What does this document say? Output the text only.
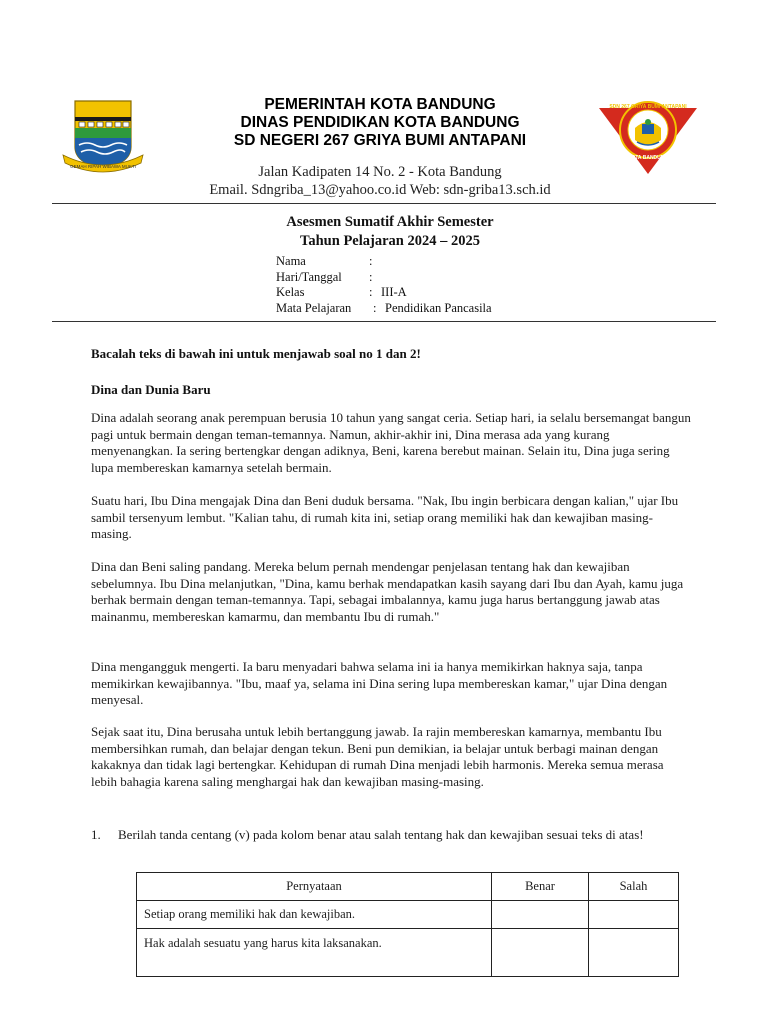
GEMAH RIPAH WIBAWA MUKTI
SDN 267 GRIYA BUMI ANTAPANI
KOTA BANDUNG
PEMERINTAH KOTA BANDUNG
DINAS PENDIDIKAN KOTA BANDUNG
SD NEGERI 267 GRIYA BUMI ANTAPANI
Jalan Kadipaten 14 No. 2 - Kota Bandung
Email. Sdngriba_13@yahoo.co.id Web: sdn-griba13.sch.id
Asesmen Sumatif Akhir Semester
Tahun Pelajaran 2024 – 2025
Nama	:
Hari/Tanggal :
Kelas	: III-A
Mata Pelajaran : Pendidikan Pancasila
Bacalah teks di bawah ini untuk menjawab soal no 1 dan 2!
Dina dan Dunia Baru
Dina adalah seorang anak perempuan berusia 10 tahun yang sangat ceria. Setiap hari, ia selalu bersemangat bangun pagi untuk bermain dengan teman-temannya. Namun, akhir-akhir ini, Dina merasa ada yang kurang menyenangkan. Ia sering bertengkar dengan adiknya, Beni, karena berebut mainan. Selain itu, Dina juga sering lupa membereskan kamarnya setelah bermain.
Suatu hari, Ibu Dina mengajak Dina dan Beni duduk bersama. "Nak, Ibu ingin berbicara dengan kalian," ujar Ibu sambil tersenyum lembut. "Kalian tahu, di rumah kita ini, setiap orang memiliki hak dan kewajiban masing-masing.
Dina dan Beni saling pandang. Mereka belum pernah mendengar penjelasan tentang hak dan kewajiban sebelumnya. Ibu Dina melanjutkan, "Dina, kamu berhak mendapatkan kasih sayang dari Ibu dan Ayah, kamu juga berhak bermain dengan teman-temannya. Tapi, sebagai imbalannya, kamu juga harus bertanggung jawab atas mainanmu, membereskan kamarmu, dan membantu Ibu di rumah."
Dina mengangguk mengerti. Ia baru menyadari bahwa selama ini ia hanya memikirkan haknya saja, tanpa memikirkan kewajibannya. "Ibu, maaf ya, selama ini Dina sering lupa membereskan kamar," ujar Dina dengan menyesal.
Sejak saat itu, Dina berusaha untuk lebih bertanggung jawab. Ia rajin membereskan kamarnya, membantu Ibu membersihkan rumah, dan belajar dengan tekun. Beni pun demikian, ia belajar untuk berbagi mainan dengan kakaknya dan tidak lagi bertengkar. Kehidupan di rumah Dina menjadi lebih harmonis. Mereka semua merasa lebih bahagia karena saling menghargai hak dan kewajiban masing-masing.
1. Berilah tanda centang (v) pada kolom benar atau salah tentang hak dan kewajiban sesuai teks di atas!
Pernyataan	Benar	Salah
Setiap orang memiliki hak dan kewajiban.		
Hak adalah sesuatu yang harus kita laksanakan.		
